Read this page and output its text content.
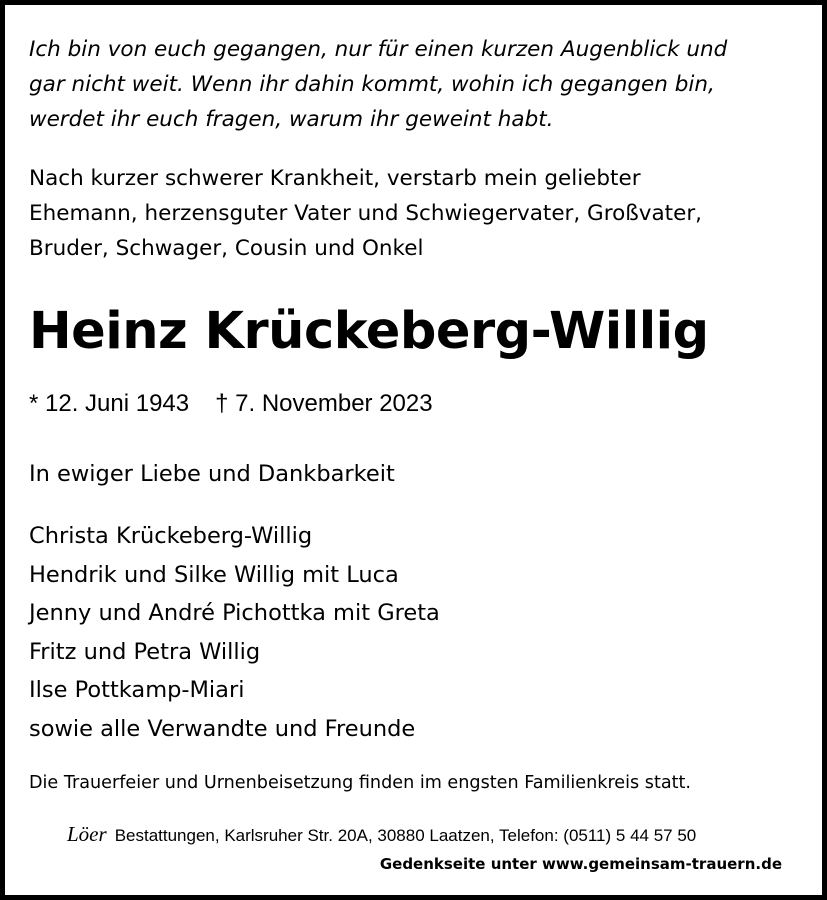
Ich bin von euch gegangen, nur für einen kurzen Augenblick und
gar nicht weit. Wenn ihr dahin kommt, wohin ich gegangen bin,
werdet ihr euch fragen, warum ihr geweint habt.
Nach kurzer schwerer Krankheit, verstarb mein geliebter
Ehemann, herzensguter Vater und Schwiegervater, Großvater,
Bruder, Schwager, Cousin und Onkel
Heinz Krückeberg-Willig
* 12. Juni 1943 † 7. November 2023
In ewiger Liebe und Dankbarkeit
Christa Krückeberg-Willig
Hendrik und Silke Willig mit Luca
Jenny und André Pichottka mit Greta
Fritz und Petra Willig
Ilse Pottkamp-Miari
sowie alle Verwandte und Freunde
Die Trauerfeier und Urnenbeisetzung finden im engsten Familienkreis statt.
Löer Bestattungen, Karlsruher Str. 20A, 30880 Laatzen, Telefon: (0511) 5 44 57 50
Gedenkseite unter www.gemeinsam-trauern.de
